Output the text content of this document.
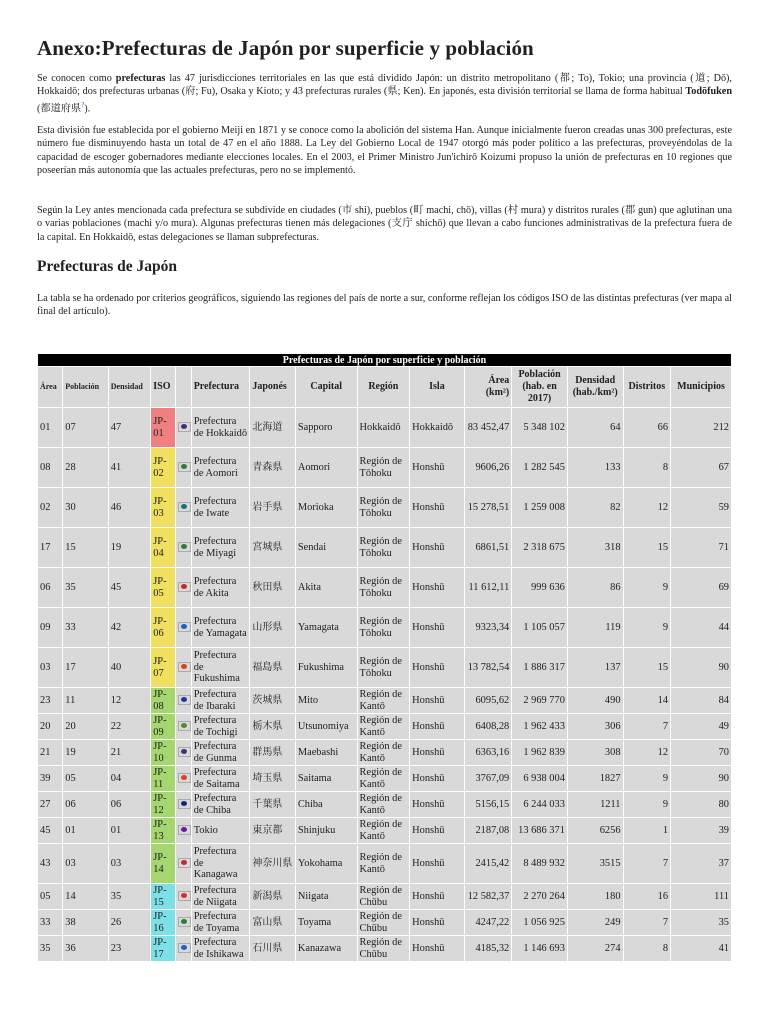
Anexo:Prefecturas de Japón por superficie y población

Se conocen como prefecturas las 47 jurisdicciones territoriales en las que está dividido Japón: un distrito metropolitano (都; To), Tokio; una provincia (道; Dō), Hokkaidō; dos prefecturas urbanas (府; Fu), Osaka y Kioto; y 43 prefecturas rurales (県; Ken). En japonés, esta división territorial se llama de forma habitual Todōfuken (都道府県?).

Esta división fue establecida por el gobierno Meiji en 1871 y se conoce como la abolición del sistema Han. Aunque inicialmente fueron creadas unas 300 prefecturas, este número fue disminuyendo hasta un total de 47 en el año 1888. La Ley del Gobierno Local de 1947 otorgó más poder político a las prefecturas, proveyéndolas de la capacidad de escoger gobernadores mediante elecciones locales. En el 2003, el Primer Ministro Jun'ichirō Koizumi propuso la unión de prefecturas en 10 regiones que poseerían más autonomía que las actuales prefecturas, pero no se implementó.

Según la Ley antes mencionada cada prefectura se subdivide en ciudades (市 shi), pueblos (町 machi, chō), villas (村 mura) y distritos rurales (郡 gun) que aglutinan una o varias poblaciones (machi y/o mura). Algunas prefecturas tienen más delegaciones (支庁 shichō) que llevan a cabo funciones administrativas de la prefectura fuera de la capital. En Hokkaidō, estas delegaciones se llaman subprefecturas.

Prefecturas de Japón

La tabla se ha ordenado por criterios geográficos, siguiendo las regiones del país de norte a sur, conforme reflejan los códigos ISO de las distintas prefecturas (ver mapa al final del artículo).

Prefecturas de Japón por superficie y población														
Área	Población	Densidad	ISO		Prefectura	Japonés	Capital	Región	Isla	Área (km²)	Población (hab. en 2017)	Densidad (hab./km²)	Distritos	Municipios
01	07	47	JP-01		Prefectura de Hokkaidō	北海道	Sapporo	Hokkaidō	Hokkaidō	83 452,47	5 348 102	64	66	212
08	28	41	JP-02		Prefectura de Aomori	青森県	Aomori	Región de Tōhoku	Honshū	9606,26	1 282 545	133	8	67
02	30	46	JP-03		Prefectura de Iwate	岩手県	Morioka	Región de Tōhoku	Honshū	15 278,51	1 259 008	82	12	59
17	15	19	JP-04		Prefectura de Miyagi	宮城県	Sendai	Región de Tōhoku	Honshū	6861,51	2 318 675	318	15	71
06	35	45	JP-05		Prefectura de Akita	秋田県	Akita	Región de Tōhoku	Honshū	11 612,11	999 636	86	9	69
09	33	42	JP-06		Prefectura de Yamagata	山形県	Yamagata	Región de Tōhoku	Honshū	9323,34	1 105 057	119	9	44
03	17	40	JP-07		Prefectura de Fukushima	福島県	Fukushima	Región de Tōhoku	Honshū	13 782,54	1 886 317	137	15	90
23	11	12	JP-08		Prefectura de Ibaraki	茨城県	Mito	Región de Kantō	Honshū	6095,62	2 969 770	490	14	84
20	20	22	JP-09		Prefectura de Tochigi	栃木県	Utsunomiya	Región de Kantō	Honshū	6408,28	1 962 433	306	7	49
21	19	21	JP-10		Prefectura de Gunma	群馬県	Maebashi	Región de Kantō	Honshū	6363,16	1 962 839	308	12	70
39	05	04	JP-11		Prefectura de Saitama	埼玉県	Saitama	Región de Kantō	Honshū	3767,09	6 938 004	1827	9	90
27	06	06	JP-12		Prefectura de Chiba	千葉県	Chiba	Región de Kantō	Honshū	5156,15	6 244 033	1211	9	80
45	01	01	JP-13		Tokio	東京都	Shinjuku	Región de Kantō	Honshū	2187,08	13 686 371	6256	1	39
43	03	03	JP-14		Prefectura de Kanagawa	神奈川県	Yokohama	Región de Kantō	Honshū	2415,42	8 489 932	3515	7	37
05	14	35	JP-15		Prefectura de Niigata	新潟県	Niigata	Región de Chūbu	Honshū	12 582,37	2 270 264	180	16	111
33	38	26	JP-16		Prefectura de Toyama	富山県	Toyama	Región de Chūbu	Honshū	4247,22	1 056 925	249	7	35
35	36	23	JP-17		Prefectura de Ishikawa	石川県	Kanazawa	Región de Chūbu	Honshū	4185,32	1 146 693	274	8	41
